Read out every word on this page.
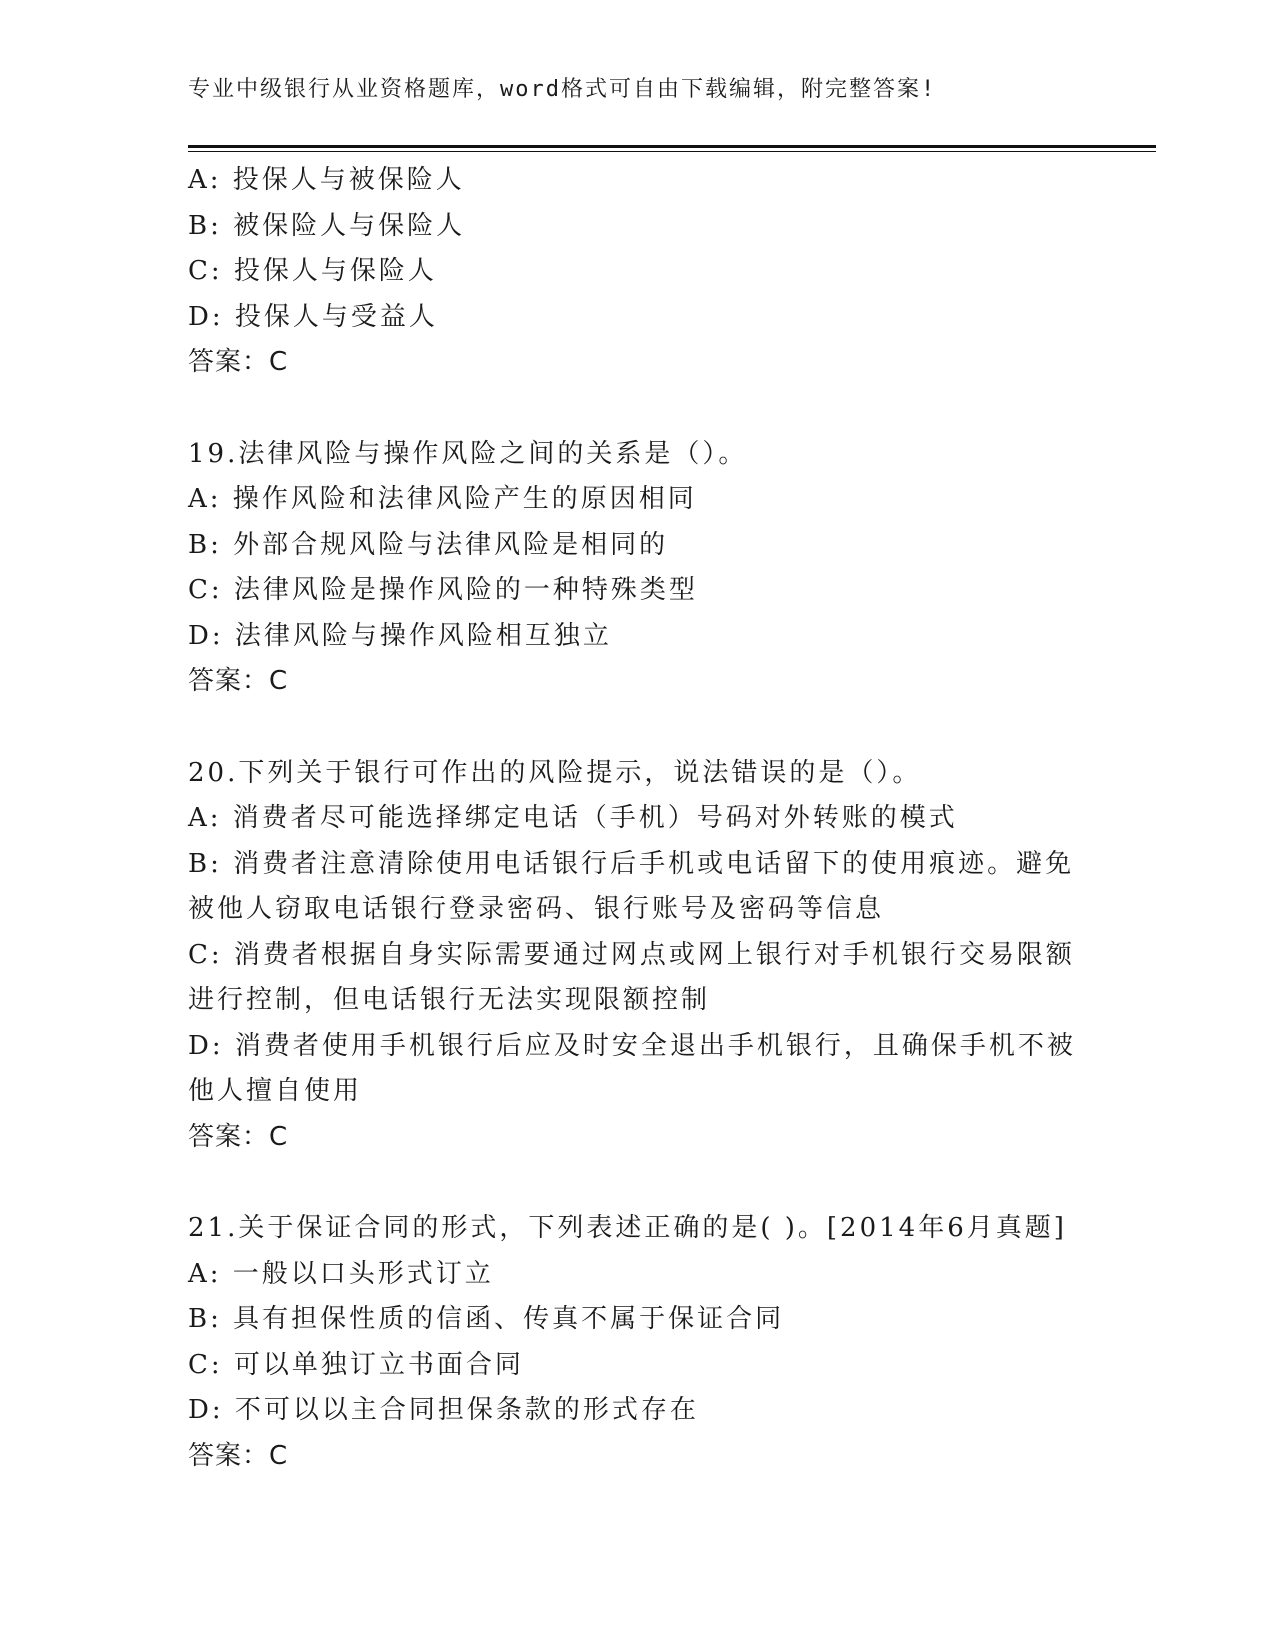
专业中级银行从业资格题库，word格式可自由下载编辑，附完整答案!
A: 投保人与被保险人
B: 被保险人与保险人
C: 投保人与保险人
D: 投保人与受益人
答案：C
19.法律风险与操作风险之间的关系是（）。
A: 操作风险和法律风险产生的原因相同
B: 外部合规风险与法律风险是相同的
C: 法律风险是操作风险的一种特殊类型
D: 法律风险与操作风险相互独立
答案：C
20.下列关于银行可作出的风险提示，说法错误的是（）。
A: 消费者尽可能选择绑定电话（手机）号码对外转账的模式
B: 消费者注意清除使用电话银行后手机或电话留下的使用痕迹。避免
被他人窃取电话银行登录密码、银行账号及密码等信息
C: 消费者根据自身实际需要通过网点或网上银行对手机银行交易限额
进行控制，但电话银行无法实现限额控制
D: 消费者使用手机银行后应及时安全退出手机银行，且确保手机不被
他人擅自使用
答案：C
21.关于保证合同的形式，下列表述正确的是( )。[2014年6月真题]
A: 一般以口头形式订立
B: 具有担保性质的信函、传真不属于保证合同
C: 可以单独订立书面合同
D: 不可以以主合同担保条款的形式存在
答案：C
